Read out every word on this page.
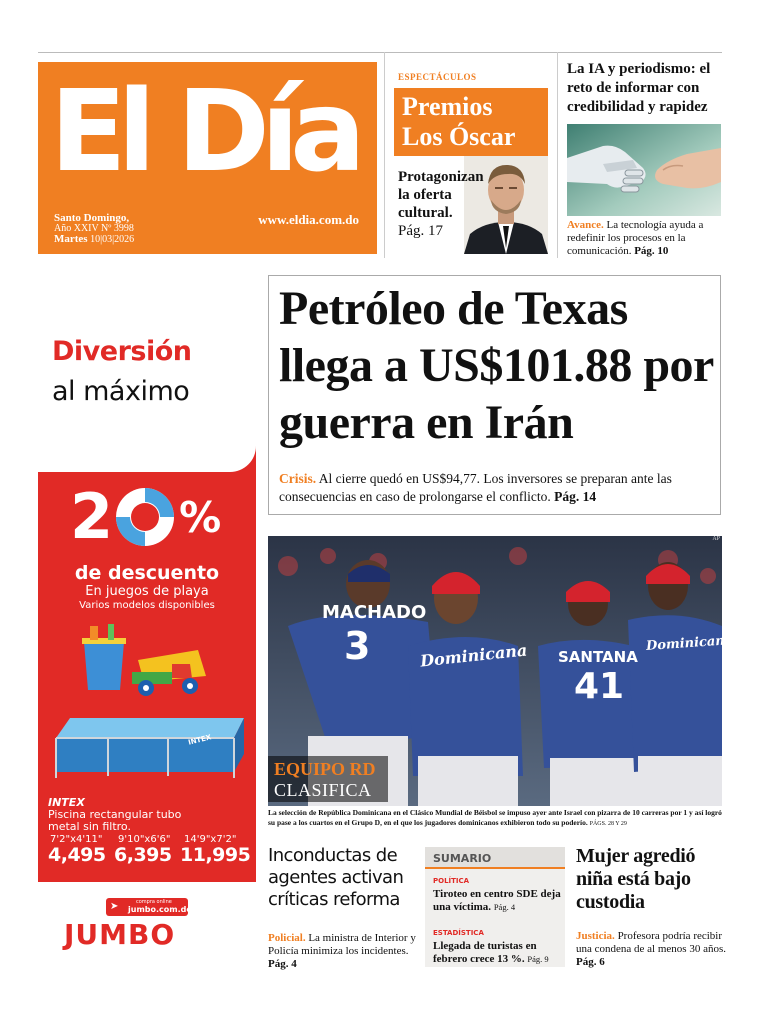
El Día
Santo Domingo,
Año XXIV Nº 3998
Martes 10|03|2026
www.eldia.com.do
ESPECTÁCULOS
Premios
Los Óscar
Protagonizan la oferta cultural. Pág. 17
La IA y periodismo: el reto de informar con credibilidad y rapidez
Avance. La tecnología ayuda a redefinir los procesos en la comunicación. Pág. 10
Diversión
al máximo
2 %
de descuento
En juegos de playa
Varios modelos disponibles
INTEX
INTEX
Piscina rectangular tubo
metal sin filtro.
7'2"x4'11" 9'10"x6'6" 14'9"x7'2"
4,495 6,395 11,995
➤	compra online
jumbo.com.do
JUMBO
Petróleo de Texas llega a US$101.88 por guerra en Irán
Crisis. Al cierre quedó en US$94,77. Los inversores se preparan ante las consecuencias en caso de prolongarse el conflicto. Pág. 14
MACHADO
3	Dominicana SANTANA
41
Dominicana
AP
EQUIPO RD
CLASIFICA
La selección de República Dominicana en el Clásico Mundial de Béisbol se impuso ayer ante Israel con pizarra de 10 carreras por 1 y así logró su pase a los cuartos en el Grupo D, en el que los jugadores dominicanos exhibieron todo su poderío. PÁGS. 28 Y 29
Inconductas de agentes activan críticas reforma
Policial. La ministra de Interior y Policía minimiza los incidentes. Pág. 4
SUMARIO
POLÍTICA
Tiroteo en centro SDE deja una víctima. Pág. 4
ESTADÍSTICA
Llegada de turistas en febrero crece 13 %. Pág. 9
Mujer agredió niña está bajo custodia
Justicia. Profesora podría recibir una condena de al menos 30 años. Pág. 6
